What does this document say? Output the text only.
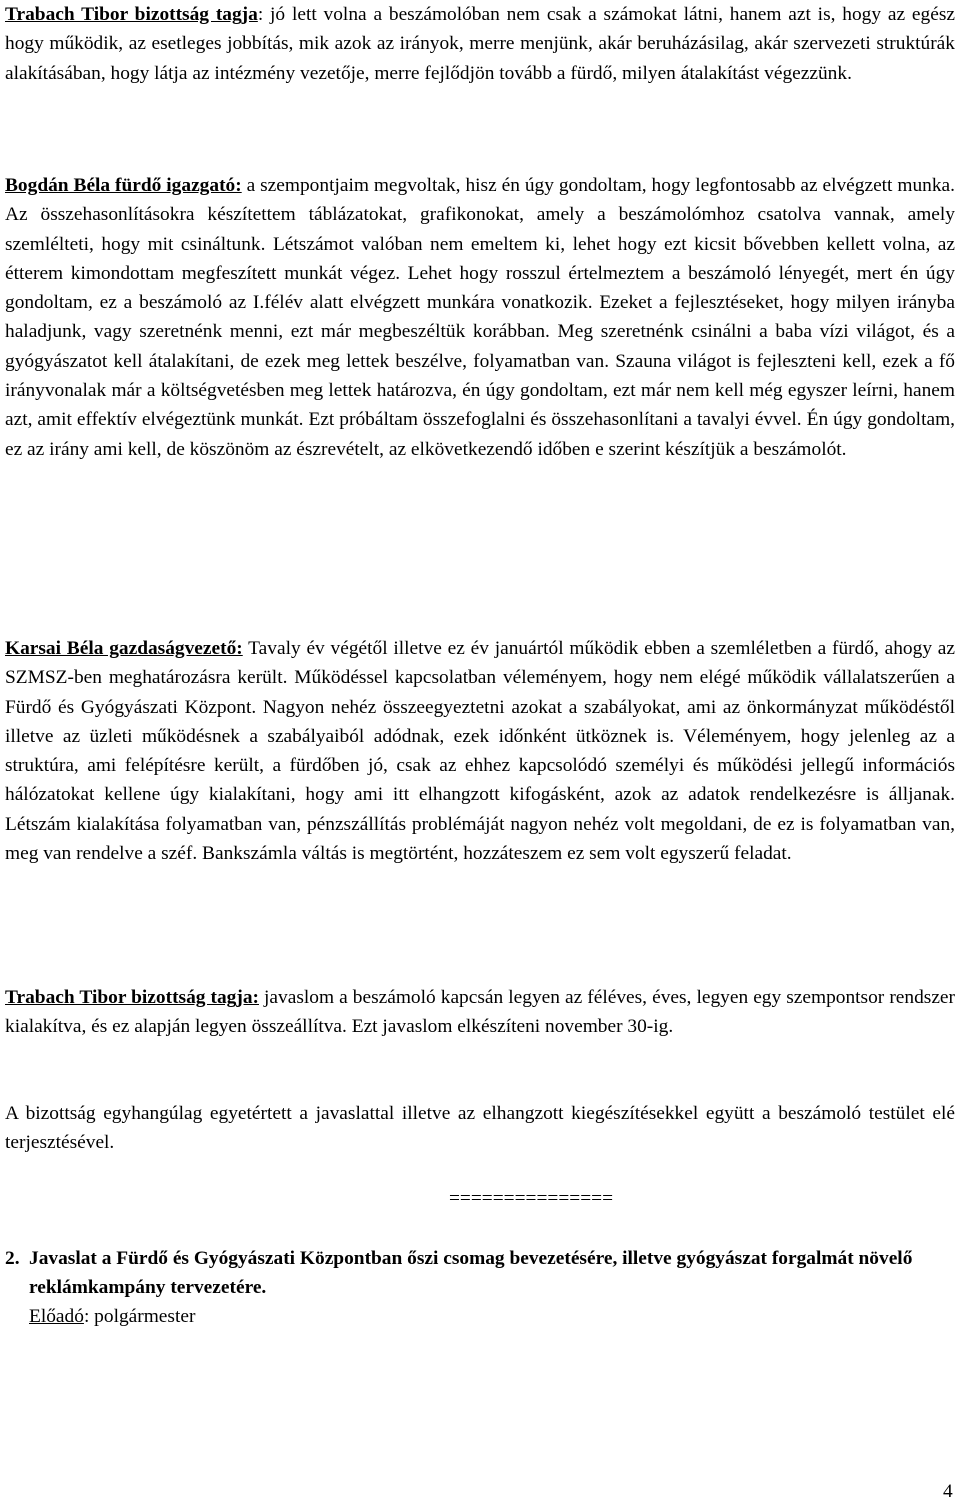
Trabach Tibor bizottság tagja: jó lett volna a beszámolóban nem csak a számokat látni, hanem azt is, hogy az egész hogy működik, az esetleges jobbítás, mik azok az irányok, merre menjünk, akár beruházásilag, akár szervezeti struktúrák alakításában, hogy látja az intézmény vezetője, merre fejlődjön tovább a fürdő, milyen átalakítást végezzünk.

Bogdán Béla fürdő igazgató: a szempontjaim megvoltak, hisz én úgy gondoltam, hogy legfontosabb az elvégzett munka. Az összehasonlításokra készítettem táblázatokat, grafikonokat, amely a beszámolómhoz csatolva vannak, amely szemlélteti, hogy mit csináltunk. Létszámot valóban nem emeltem ki, lehet hogy ezt kicsit bővebben kellett volna, az étterem kimondottam megfeszített munkát végez. Lehet hogy rosszul értelmeztem a beszámoló lényegét, mert én úgy gondoltam, ez a beszámoló az I.félév alatt elvégzett munkára vonatkozik. Ezeket a fejlesztéseket, hogy milyen irányba haladjunk, vagy szeretnénk menni, ezt már megbeszéltük korábban. Meg szeretnénk csinálni a baba vízi világot, és a gyógyászatot kell átalakítani, de ezek meg lettek beszélve, folyamatban van. Szauna világot is fejleszteni kell, ezek a fő irányvonalak már a költségvetésben meg lettek határozva, én úgy gondoltam, ezt már nem kell még egyszer leírni, hanem azt, amit effektív elvégeztünk munkát. Ezt próbáltam összefoglalni és összehasonlítani a tavalyi évvel. Én úgy gondoltam, ez az irány ami kell, de köszönöm az észrevételt, az elkövetkezendő időben e szerint készítjük a beszámolót.

Karsai Béla gazdaságvezető: Tavaly év végétől illetve ez év januártól működik ebben a szemléletben a fürdő, ahogy az SZMSZ-ben meghatározásra került. Működéssel kapcsolatban véleményem, hogy nem elégé működik vállalatszerűen a Fürdő és Gyógyászati Központ. Nagyon nehéz összeegyeztetni azokat a szabályokat, ami az önkormányzat működéstől illetve az üzleti működésnek a szabályaiból adódnak, ezek időnként ütköznek is. Véleményem, hogy jelenleg az a struktúra, ami felépítésre került, a fürdőben jó, csak az ehhez kapcsolódó személyi és működési jellegű információs hálózatokat kellene úgy kialakítani, hogy ami itt elhangzott kifogásként, azok az adatok rendelkezésre is álljanak. Létszám kialakítása folyamatban van, pénzszállítás problémáját nagyon nehéz volt megoldani, de ez is folyamatban van, meg van rendelve a széf. Bankszámla váltás is megtörtént, hozzáteszem ez sem volt egyszerű feladat.

Trabach Tibor bizottság tagja: javaslom a beszámoló kapcsán legyen az féléves, éves, legyen egy szempontsor rendszer kialakítva, és ez alapján legyen összeállítva. Ezt javaslom elkészíteni november 30-ig.

A bizottság egyhangúlag egyetértett a javaslattal illetve az elhangzott kiegészítésekkel együtt a beszámoló testület elé terjesztésével.

===============
2. Javaslat a Fürdő és Gyógyászati Központban őszi csomag bevezetésére, illetve gyógyászat forgalmát növelő reklámkampány tervezetére.
Előadó: polgármester
4
